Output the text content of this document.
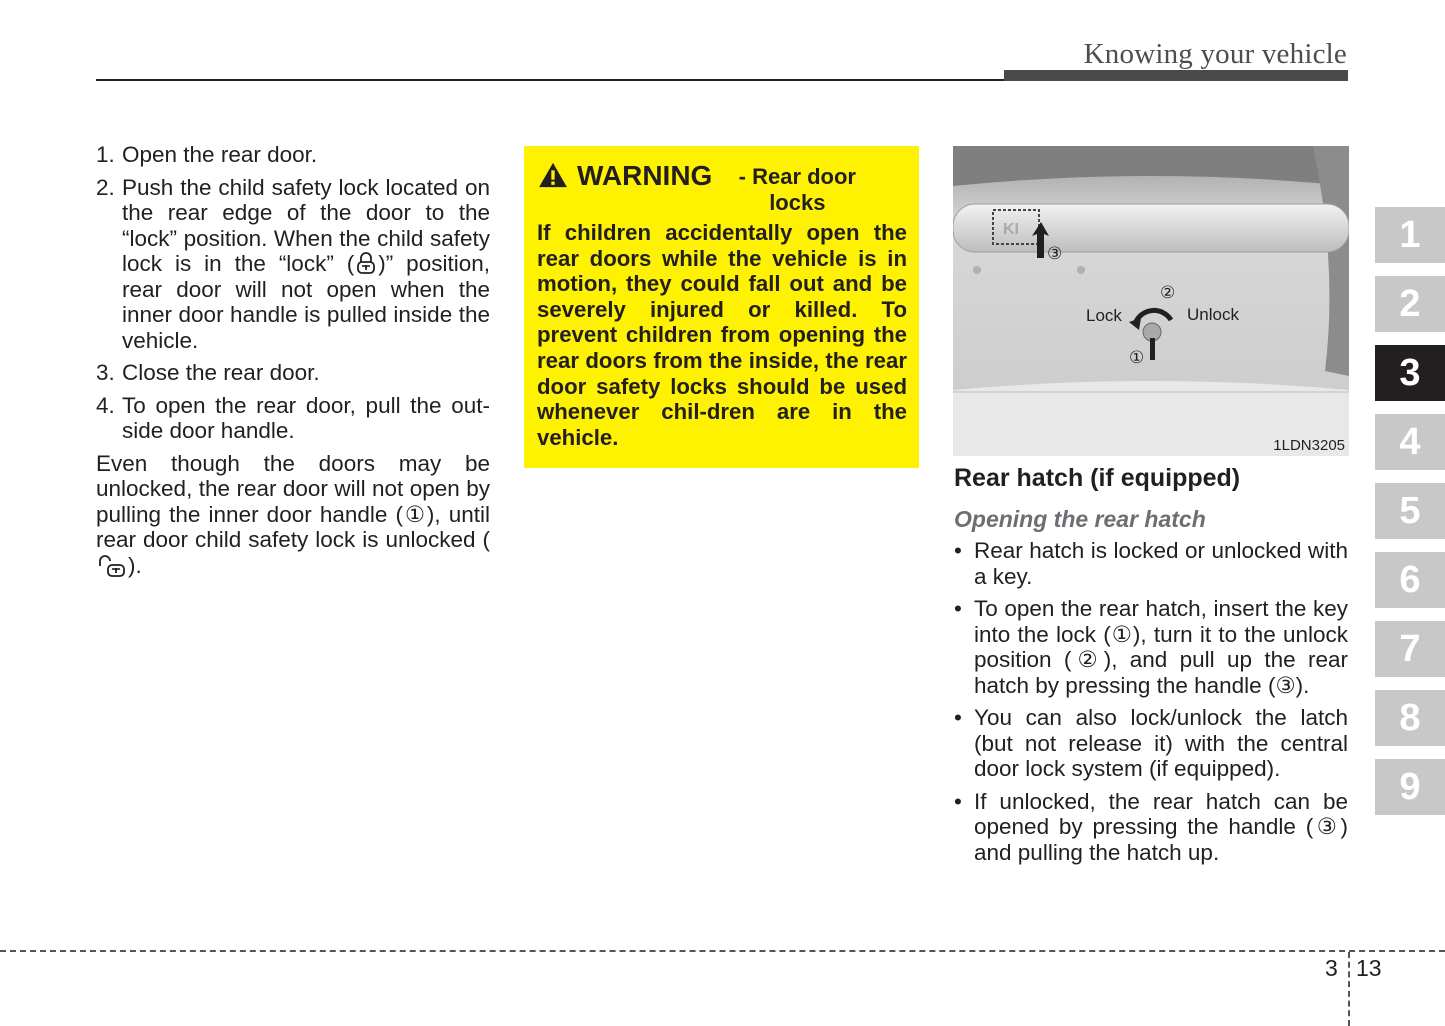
Knowing your vehicle
1. Open the rear door.
2. Push the child safety lock located on the rear edge of the door to the “lock” position. When the child safety lock is in the “lock” ( )” position, rear door will not open when the inner door handle is pulled inside the vehicle.
3. Close the rear door.
4. To open the rear door, pull the out-side door handle.
Even though the doors may be unlocked, the rear door will not open by pulling the inner door handle (①), until rear door child safety lock is unlocked ().
WARNING	- Rear door locks
If children accidentally open the rear doors while the vehicle is in motion, they could fall out and be severely injured or killed. To prevent children from opening the rear doors from the inside, the rear door safety locks should be used whenever chil-dren are in the vehicle.
KI
③
②
①
Lock	Unlock
1LDN3205
Rear hatch (if equipped)
Opening the rear hatch
• Rear hatch is locked or unlocked with a key.
• To open the rear hatch, insert the key into the lock (①), turn it to the unlock position (②), and pull up the rear hatch by pressing the handle (③).
• You can also lock/unlock the latch (but not release it) with the central door lock system (if equipped).
• If unlocked, the rear hatch can be opened by pressing the handle (③) and pulling the hatch up.
1
2
3
4
5
6
7
8
9
3 13
